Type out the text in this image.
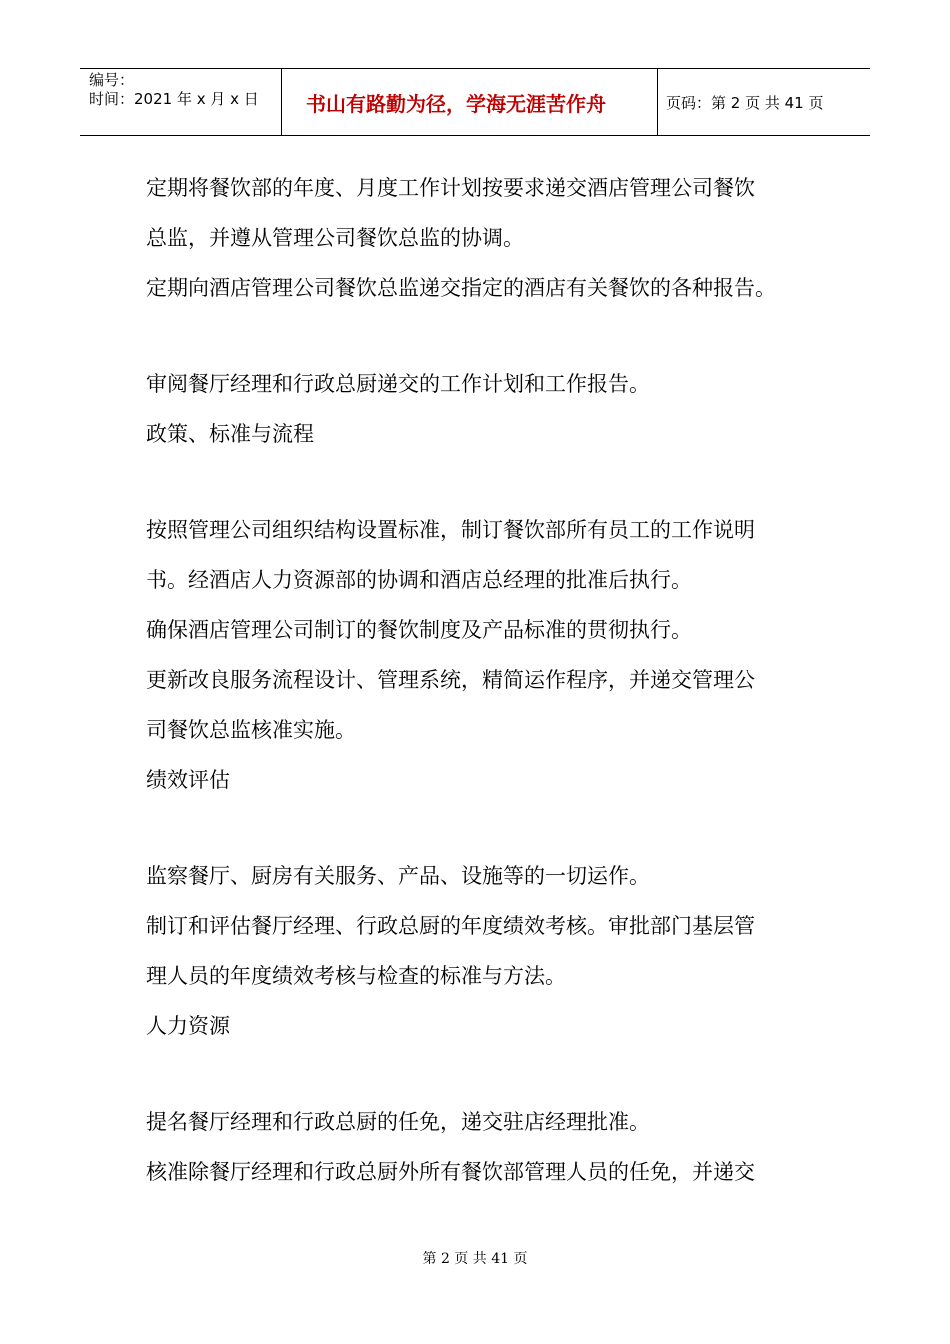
编号：
时间：2021 年 x 月 x 日	书山有路勤为径，学海无涯苦作舟	页码：第 2 页 共 41 页
定期将餐饮部的年度、月度工作计划按要求递交酒店管理公司餐饮
总监，并遵从管理公司餐饮总监的协调。
定期向酒店管理公司餐饮总监递交指定的酒店有关餐饮的各种报告。
审阅餐厅经理和行政总厨递交的工作计划和工作报告。
政策、标准与流程
按照管理公司组织结构设置标准，制订餐饮部所有员工的工作说明
书。经酒店人力资源部的协调和酒店总经理的批准后执行。
确保酒店管理公司制订的餐饮制度及产品标准的贯彻执行。
更新改良服务流程设计、管理系统，精简运作程序，并递交管理公
司餐饮总监核准实施。
绩效评估
监察餐厅、厨房有关服务、产品、设施等的一切运作。
制订和评估餐厅经理、行政总厨的年度绩效考核。审批部门基层管
理人员的年度绩效考核与检查的标准与方法。
人力资源
提名餐厅经理和行政总厨的任免，递交驻店经理批准。
核准除餐厅经理和行政总厨外所有餐饮部管理人员的任免，并递交
第 2 页 共 41 页
